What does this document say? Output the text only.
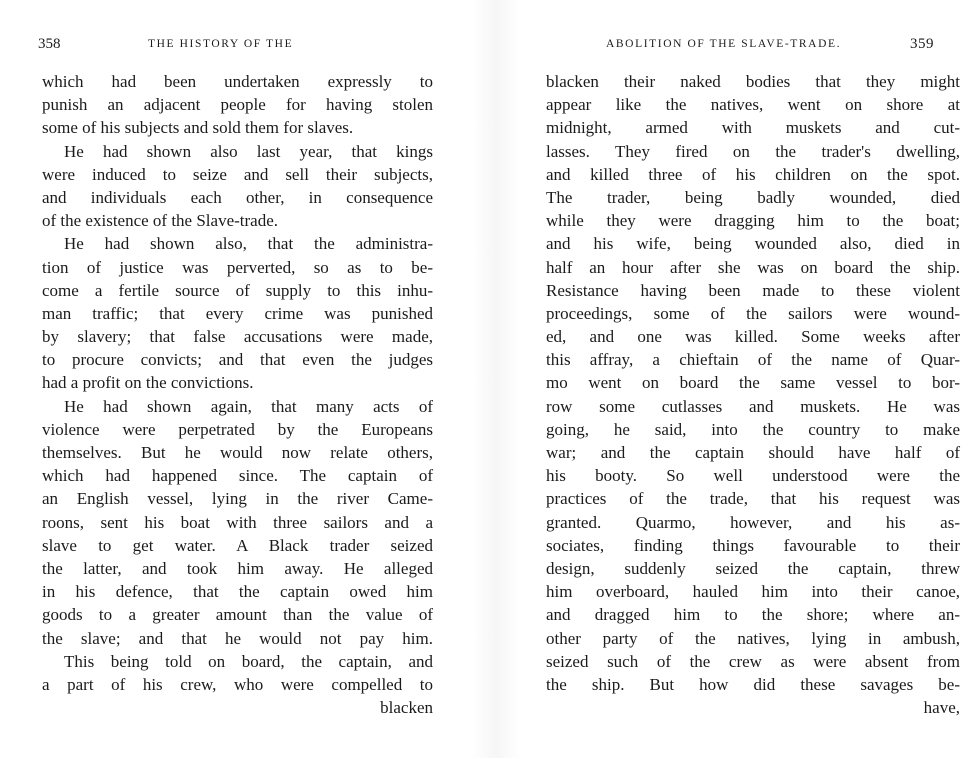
358	THE HISTORY OF THE
which had been undertaken expressly to
punish an adjacent people for having stolen
some of his subjects and sold them for slaves.
He had shown also last year, that kings
were induced to seize and sell their subjects,
and individuals each other, in consequence
of the existence of the Slave-trade.
He had shown also, that the administra-
tion of justice was perverted, so as to be-
come a fertile source of supply to this inhu-
man traffic; that every crime was punished
by slavery; that false accusations were made,
to procure convicts; and that even the judges
had a profit on the convictions.
He had shown again, that many acts of
violence were perpetrated by the Europeans
themselves. But he would now relate others,
which had happened since. The captain of
an English vessel, lying in the river Came-
roons, sent his boat with three sailors and a
slave to get water. A Black trader seized
the latter, and took him away. He alleged
in his defence, that the captain owed him
goods to a greater amount than the value of
the slave; and that he would not pay him.
This being told on board, the captain, and
a part of his crew, who were compelled to
blacken
ABOLITION OF THE SLAVE-TRADE.	359
blacken their naked bodies that they might
appear like the natives, went on shore at
midnight, armed with muskets and cut-
lasses. They fired on the trader's dwelling,
and killed three of his children on the spot.
The trader, being badly wounded, died
while they were dragging him to the boat;
and his wife, being wounded also, died in
half an hour after she was on board the ship.
Resistance having been made to these violent
proceedings, some of the sailors were wound-
ed, and one was killed. Some weeks after
this affray, a chieftain of the name of Quar-
mo went on board the same vessel to bor-
row some cutlasses and muskets. He was
going, he said, into the country to make
war; and the captain should have half of
his booty. So well understood were the
practices of the trade, that his request was
granted. Quarmo, however, and his as-
sociates, finding things favourable to their
design, suddenly seized the captain, threw
him overboard, hauled him into their canoe,
and dragged him to the shore; where an-
other party of the natives, lying in ambush,
seized such of the crew as were absent from
the ship. But how did these savages be-
have,
